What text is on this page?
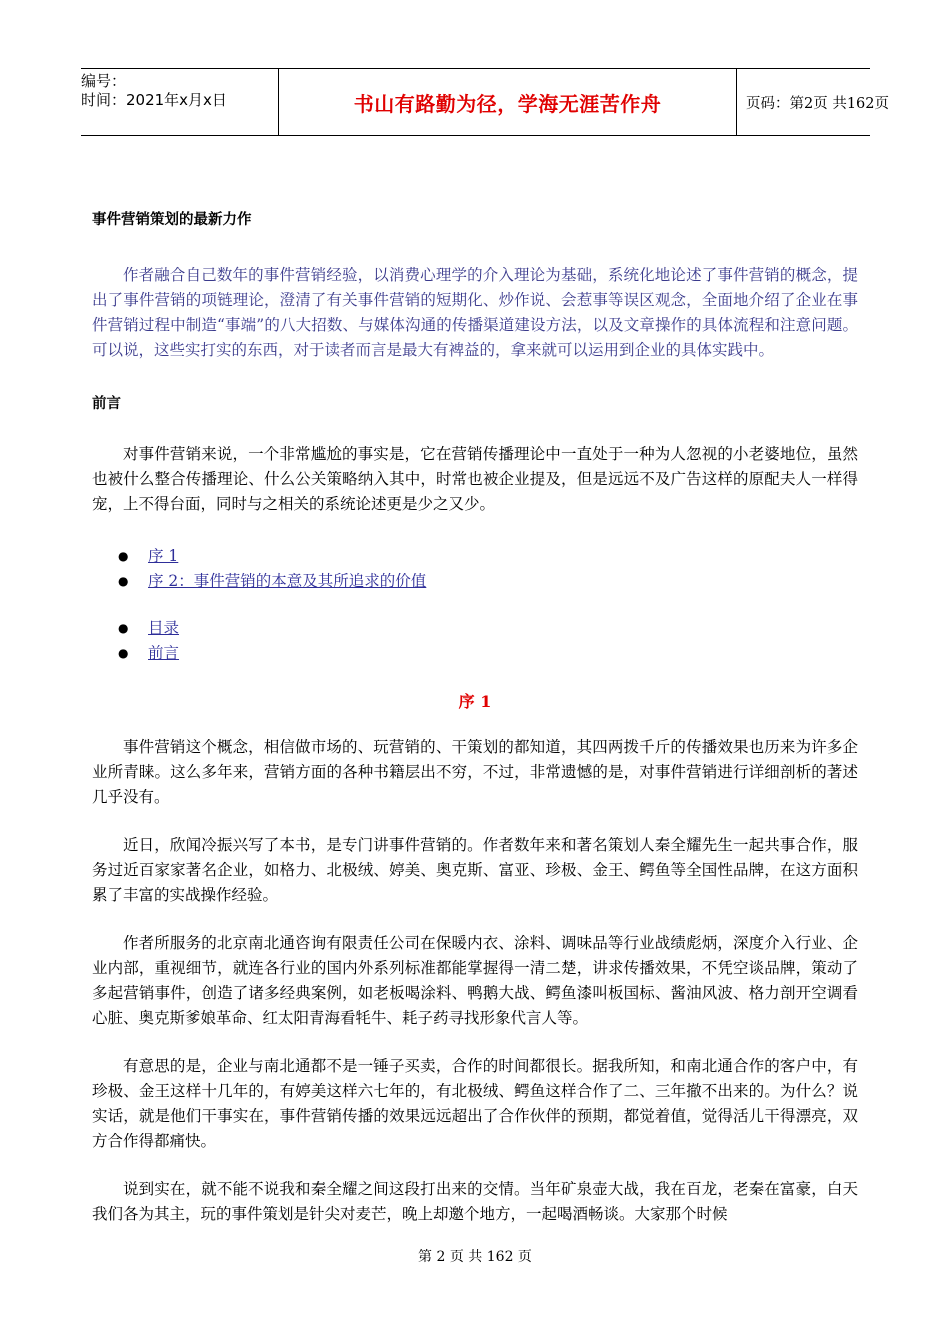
编号：
时间：2021年x月x日	书山有路勤为径，学海无涯苦作舟	页码：第2页 共162页

事件营销策划的最新力作

作者融合自己数年的事件营销经验，以消费心理学的介入理论为基础，系统化地论述了事件营销的概念，提出了事件营销的项链理论，澄清了有关事件营销的短期化、炒作说、会惹事等误区观念，全面地介绍了企业在事件营销过程中制造“事端”的八大招数、与媒体沟通的传播渠道建设方法，以及文章操作的具体流程和注意问题。可以说，这些实打实的东西，对于读者而言是最大有裨益的，拿来就可以运用到企业的具体实践中。

前言

对事件营销来说，一个非常尴尬的事实是，它在营销传播理论中一直处于一种为人忽视的小老婆地位，虽然也被什么整合传播理论、什么公关策略纳入其中，时常也被企业提及，但是远远不及广告这样的原配夫人一样得宠，上不得台面，同时与之相关的系统论述更是少之又少。

● 序 1
● 序 2：事件营销的本意及其所追求的价值
● 目录
● 前言

序 1

事件营销这个概念，相信做市场的、玩营销的、干策划的都知道，其四两拨千斤的传播效果也历来为许多企业所青睐。这么多年来，营销方面的各种书籍层出不穷，不过，非常遗憾的是，对事件营销进行详细剖析的著述几乎没有。

近日，欣闻冷振兴写了本书，是专门讲事件营销的。作者数年来和著名策划人秦全耀先生一起共事合作，服务过近百家家著名企业，如格力、北极绒、婷美、奥克斯、富亚、珍极、金王、鳄鱼等全国性品牌，在这方面积累了丰富的实战操作经验。

作者所服务的北京南北通咨询有限责任公司在保暖内衣、涂料、调味品等行业战绩彪炳，深度介入行业、企业内部，重视细节，就连各行业的国内外系列标准都能掌握得一清二楚，讲求传播效果，不凭空谈品牌，策动了多起营销事件，创造了诸多经典案例，如老板喝涂料、鸭鹅大战、鳄鱼漆叫板国标、酱油风波、格力剖开空调看心脏、奥克斯爹娘革命、红太阳青海看牦牛、耗子药寻找形象代言人等。

有意思的是，企业与南北通都不是一锤子买卖，合作的时间都很长。据我所知，和南北通合作的客户中，有珍极、金王这样十几年的，有婷美这样六七年的，有北极绒、鳄鱼这样合作了二、三年撤不出来的。为什么？说实话，就是他们干事实在，事件营销传播的效果远远超出了合作伙伴的预期，都觉着值，觉得活儿干得漂亮，双方合作得都痛快。

说到实在，就不能不说我和秦全耀之间这段打出来的交情。当年矿泉壶大战，我在百龙，老秦在富豪，白天我们各为其主，玩的事件策划是针尖对麦芒，晚上却邀个地方，一起喝酒畅谈。大家那个时候

第 2 页 共 162 页
